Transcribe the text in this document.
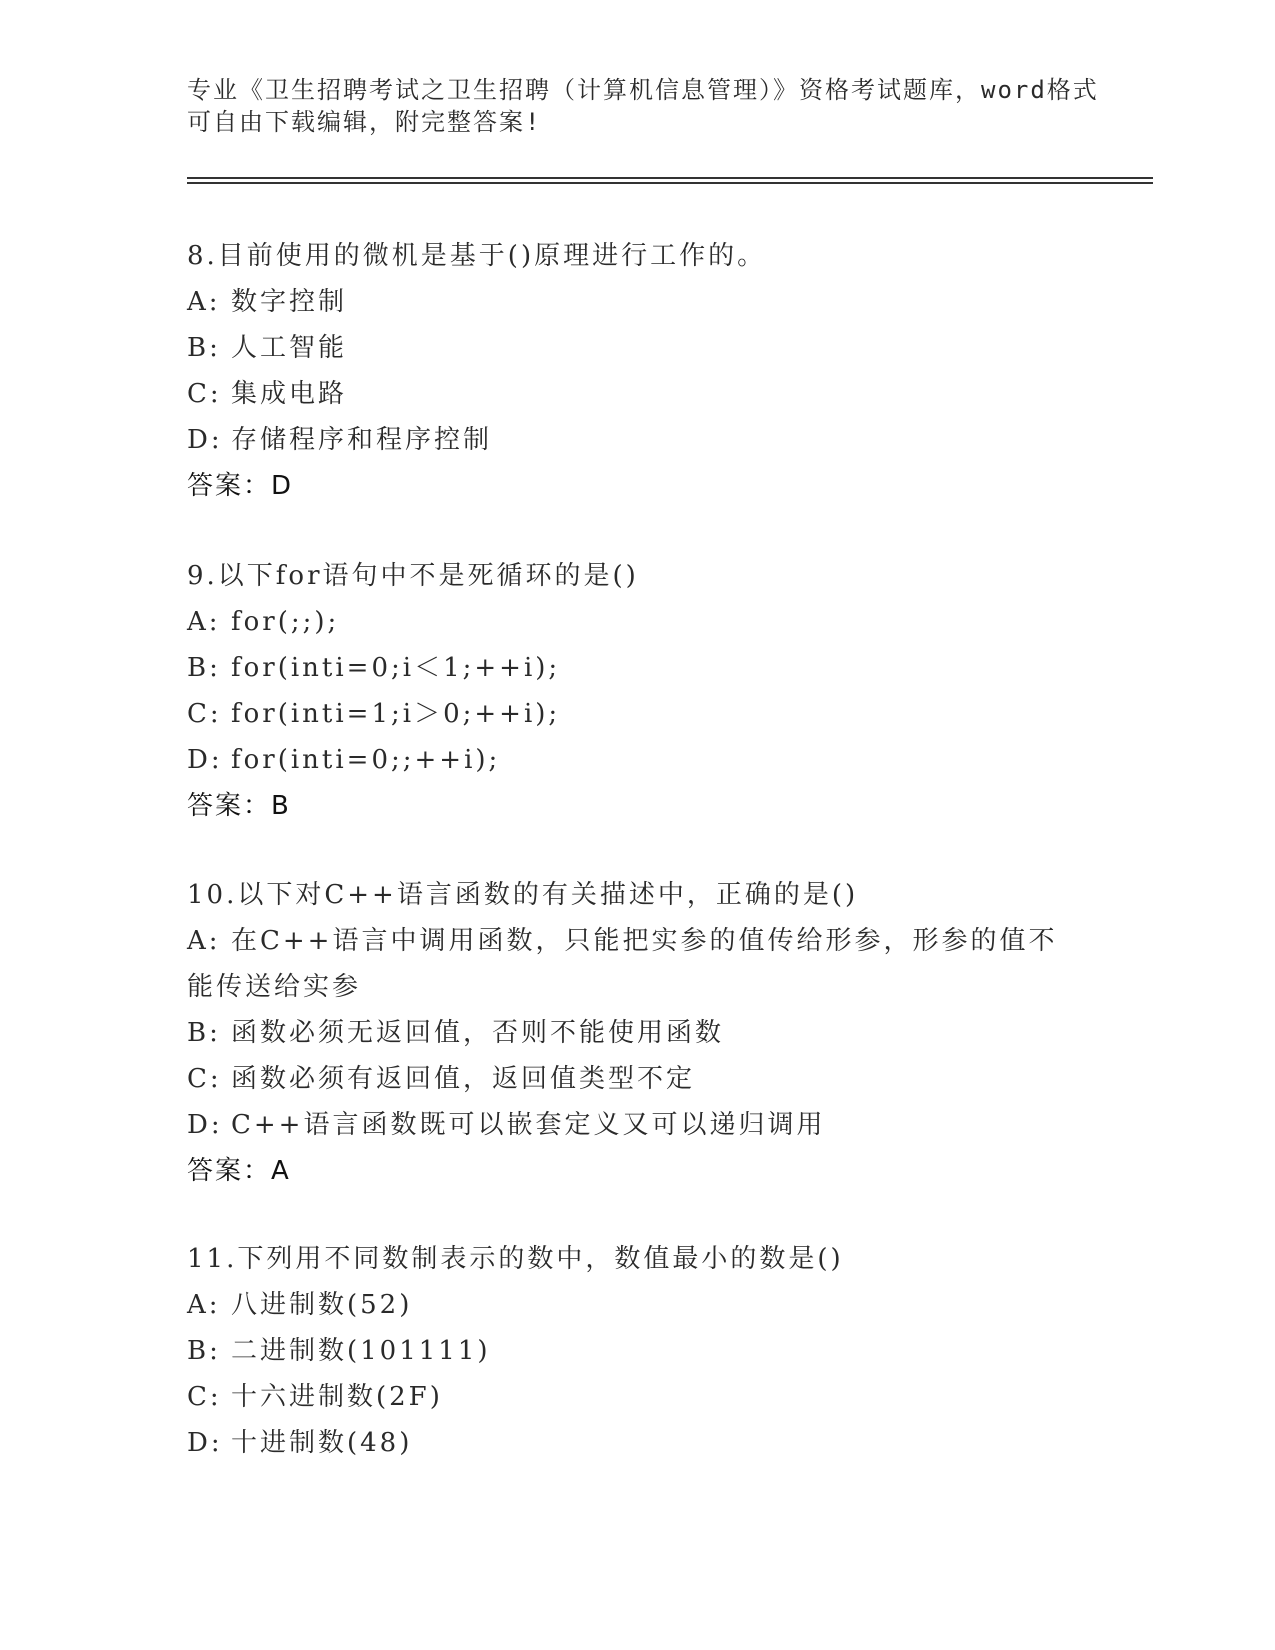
专业《卫生招聘考试之卫生招聘（计算机信息管理）》资格考试题库，word格式
可自由下载编辑，附完整答案!
8.目前使用的微机是基于()原理进行工作的。
A: 数字控制
B: 人工智能
C: 集成电路
D: 存储程序和程序控制
答案：D
9.以下for语句中不是死循环的是()
A: for(;;);
B: for(inti=0;i＜1;++i);
C: for(inti=1;i＞0;++i);
D: for(inti=0;;++i);
答案：B
10.以下对C++语言函数的有关描述中，正确的是()
A: 在C++语言中调用函数，只能把实参的值传给形参，形参的值不能传送给实参
B: 函数必须无返回值，否则不能使用函数
C: 函数必须有返回值，返回值类型不定
D: C++语言函数既可以嵌套定义又可以递归调用
答案：A
11.下列用不同数制表示的数中，数值最小的数是()
A: 八进制数(52)
B: 二进制数(101111)
C: 十六进制数(2F)
D: 十进制数(48)
